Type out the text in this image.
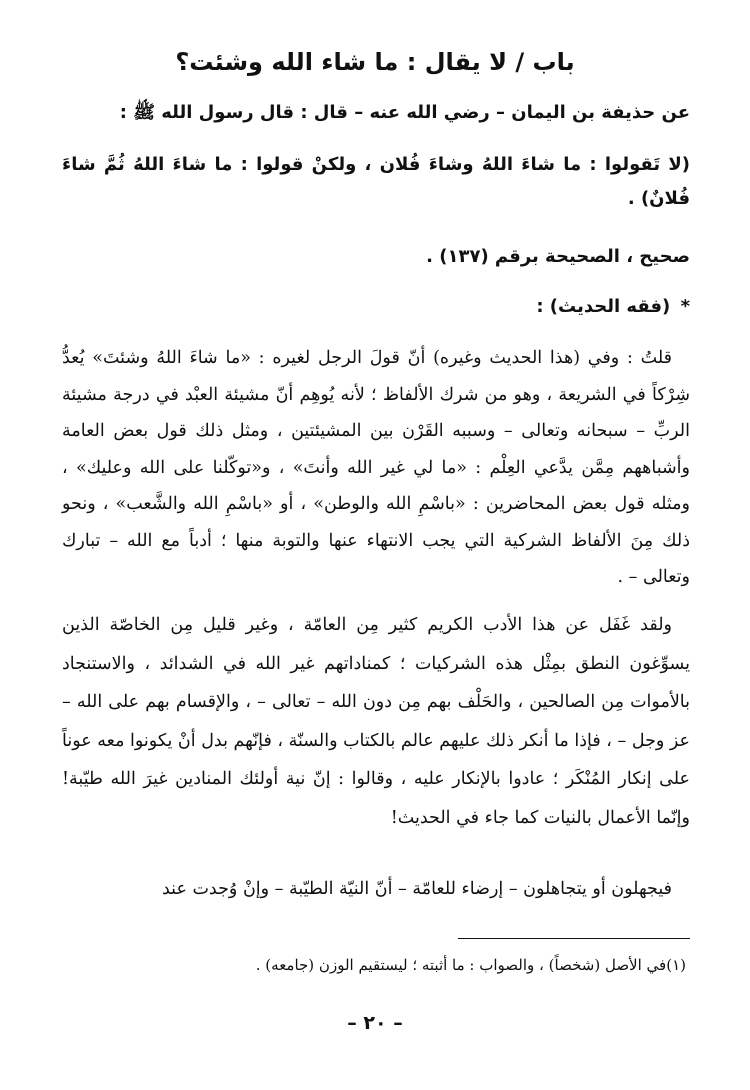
باب / لا يقال : ما شاء الله وشئت؟
عن حذيفة بن اليمان – رضي الله عنه – قال : قال رسول الله ﷺ :
(لا تَقولوا : ما شاءَ اللهُ وشاءَ فُلان ، ولكنْ قولوا : ما شاءَ اللهُ ثُمَّ شاءَ فُلانٌ) .
صحيح ، الصحيحة برقم (١٣٧) .
* (فقه الحديث) :
قلتُ : وفي (هذا الحديث وغيره) أنّ قولَ الرجل لغيره : «ما شاءَ اللهُ وشئتَ» يُعدُّ شِرْكاً في الشريعة ، وهو من شرك الألفاظ ؛ لأنه يُوهِم أنّ مشيئة العبْد في درجة مشيئة الربِّ – سبحانه وتعالى – وسببه القَرْن بين المشيئتين ، ومثل ذلك قول بعض العامة وأشباههم مِمَّن يدَّعي العِلْم : «ما لي غير الله وأنتَ» ، و«توكّلنا على الله وعليك» ، ومثله قول بعض المحاضرين : «باسْمِ الله والوطن» ، أو «باسْمِ الله والشَّعب» ، ونحو ذلك مِنَ الألفاظ الشركية التي يجب الانتهاء عنها والتوبة منها ؛ أدباً مع الله – تبارك وتعالى – .
ولقد غَفَل عن هذا الأدب الكريم كثير مِن العامّة ، وغير قليل مِن الخاصّة الذين يسوِّغون النطق بمِثْل هذه الشركيات ؛ كمناداتهم غير الله في الشدائد ، والاستنجاد بالأموات مِن الصالحين ، والحَلْف بهم مِن دون الله – تعالى – ، والإقسام بهم على الله – عز وجل – ، فإذا ما أنكر ذلك عليهم عالم بالكتاب والسنّة ، فإنّهم بدل أنْ يكونوا معه عوناً على إنكار المُنْكَر ؛ عادوا بالإنكار عليه ، وقالوا : إنّ نية أولئك المنادين غيرَ الله طيّبة! وإنّما الأعمال بالنيات كما جاء في الحديث!
فيجهلون أو يتجاهلون – إرضاء للعامّة – أنّ النيّة الطيّبة – وإنْ وُجدت عند
(١)في الأصل (شخصاً) ، والصواب : ما أثبته ؛ ليستقيم الوزن (جامعه) .
– ٢٠ –
